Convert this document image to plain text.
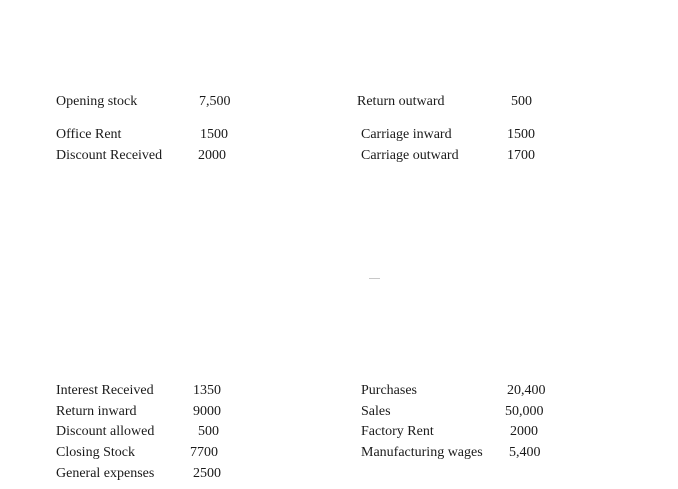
Opening stock	7,500
Office Rent	1500
Discount Received	2000
Return outward	500
Carriage inward	1500
Carriage outward	1700
Interest Received	1350
Return inward	9000
Discount allowed	500
Closing Stock	7700
General expenses	2500
Purchases	20,400
Sales	50,000
Factory Rent	2000
Manufacturing wages 5,400
